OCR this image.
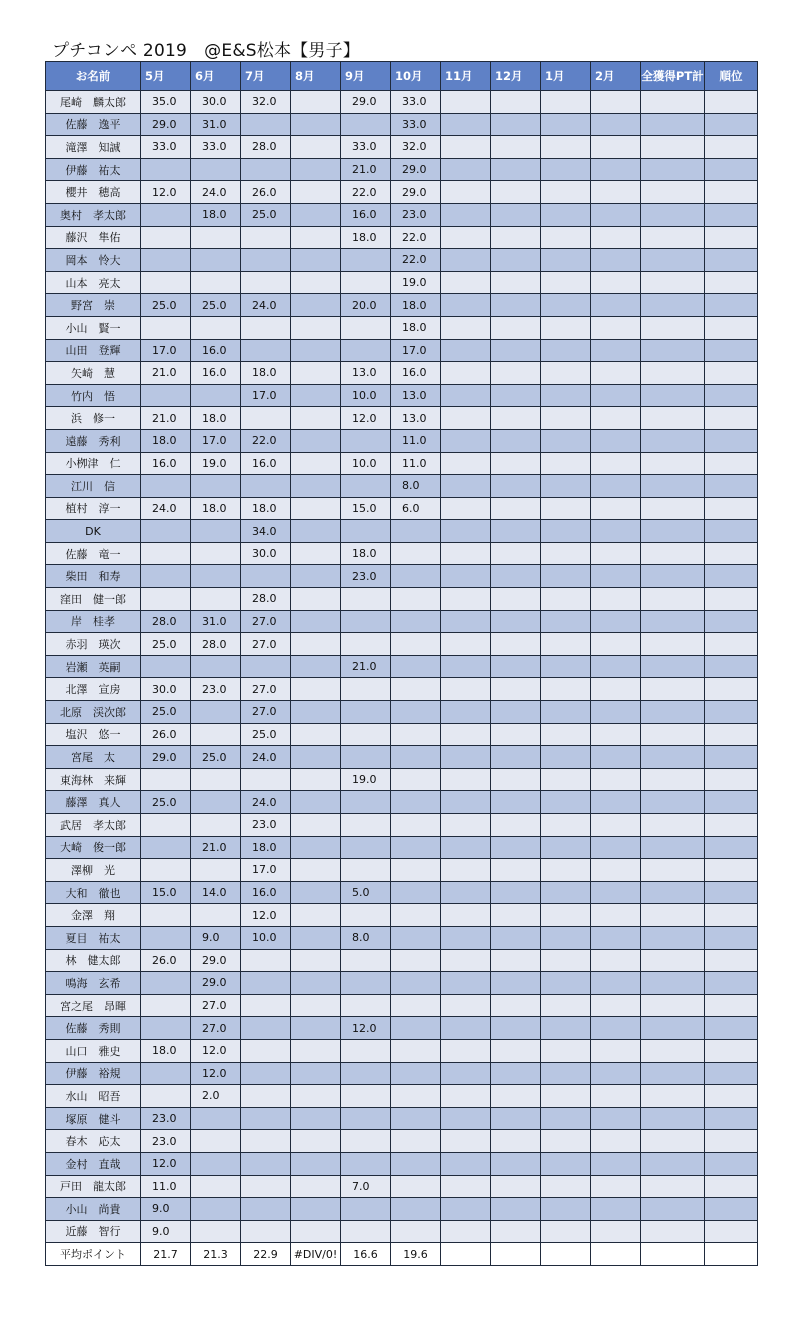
プチコンペ 2019　@E&S松本【男子】
お名前	5月	6月	7月	8月	9月	10月	11月	12月	1月	2月	全獲得PT計	順位
尾崎　麟太郎	35.0	30.0	32.0		29.0	33.0						
佐藤　逸平	29.0	31.0				33.0						
滝澤　知誠	33.0	33.0	28.0		33.0	32.0						
伊藤　祐太					21.0	29.0						
櫻井　穂高	12.0	24.0	26.0		22.0	29.0						
奥村　孝太郎		18.0	25.0		16.0	23.0						
藤沢　隼佑					18.0	22.0						
岡本　怜大						22.0						
山本　亮太						19.0						
野宮　崇	25.0	25.0	24.0		20.0	18.0						
小山　賢一						18.0						
山田　登輝	17.0	16.0				17.0						
矢崎　慧	21.0	16.0	18.0		13.0	16.0						
竹内　悟			17.0		10.0	13.0						
浜　修一	21.0	18.0			12.0	13.0						
遠藤　秀利	18.0	17.0	22.0			11.0						
小栁津　仁	16.0	19.0	16.0		10.0	11.0						
江川　信						8.0						
植村　淳一	24.0	18.0	18.0		15.0	6.0						
DK			34.0									
佐藤　竜一			30.0		18.0							
柴田　和寿					23.0							
窪田　健一郎			28.0									
岸　桂孝	28.0	31.0	27.0									
赤羽　瑛次	25.0	28.0	27.0									
岩瀬　英嗣					21.0							
北澤　宣房	30.0	23.0	27.0									
北原　渓次郎	25.0		27.0									
塩沢　悠一	26.0		25.0									
宮尾　太	29.0	25.0	24.0									
東海林　来輝					19.0							
藤澤　真人	25.0		24.0									
武居　孝太郎			23.0									
大崎　俊一郎		21.0	18.0									
澤柳　光			17.0									
大和　徹也	15.0	14.0	16.0		5.0							
金澤　翔			12.0									
夏目　祐太		9.0	10.0		8.0							
林　健太郎	26.0	29.0										
鳴海　玄希		29.0										
宮之尾　昂暉		27.0										
佐藤　秀則		27.0			12.0							
山口　雅史	18.0	12.0										
伊藤　裕規		12.0										
水山　昭吾		2.0										
塚原　健斗	23.0											
春木　応太	23.0											
金村　直哉	12.0											
戸田　龍太郎	11.0				7.0							
小山　尚貴	9.0											
近藤　智行	9.0											
平均ポイント	21.7	21.3	22.9	#DIV/0!	16.6	19.6						
